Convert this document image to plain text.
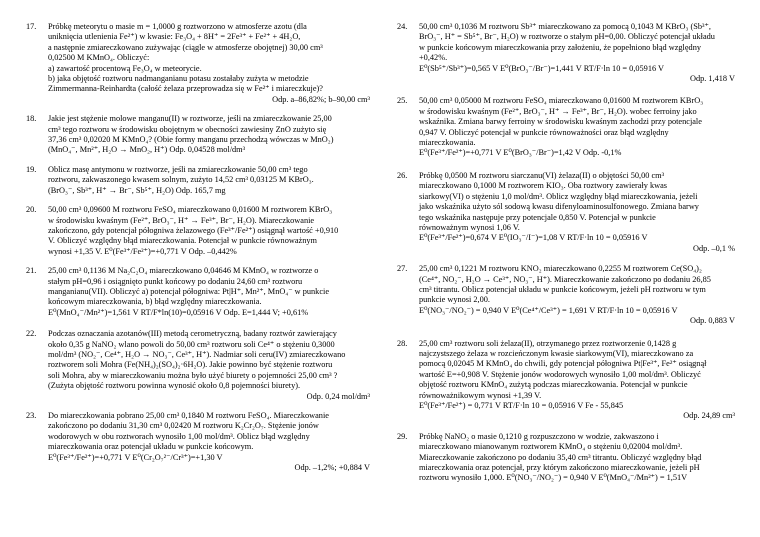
17. Próbkę meteorytu o masie m = 1,0000 g roztworzono w atmosferze azotu (dla
uniknięcia utlenienia Fe²⁺) w kwasie: Fe₃O₄ + 8H⁺ = 2Fe³⁺ + Fe²⁺ + 4H₂O,
a następnie zmiareczkowano zużywając (ciągle w atmosferze obojętnej) 30,00 cm³
0,02500 M KMnO₄. Obliczyć:
a) zawartość procentową Fe₃O₄ w meteorycie.
b) jaka objętość roztworu nadmanganianu potasu zostałaby zużyta w metodzie
Zimmermanna-Reinhardta (całość żelaza przeprowadza się w Fe²⁺ i miareczkuje)?
Odp. a–86,82%; b–90,00 cm³
18. Jakie jest stężenie molowe manganu(II) w roztworze, jeśli na zmiareczkowanie 25,00
cm³ tego roztworu w środowisku obojętnym w obecności zawiesiny ZnO zużyto się
37,36 cm³ 0,02020 M KMnO₄? (Obie formy manganu przechodzą wówczas w MnO₂)
(MnO₄⁻, Mn²⁺, H₂O → MnO₂, H⁺) Odp. 0,04528 mol/dm³
19. Oblicz masę antymonu w roztworze, jeśli na zmiareczkowanie 50,00 cm³ tego
roztworu, zakwaszonego kwasem solnym, zużyto 14,52 cm³ 0,03125 M KBrO₃.
(BrO₃⁻, Sb³⁺, H⁺ → Br⁻, Sb⁵⁺, H₂O) Odp. 165,7 mg
20. 50,00 cm³ 0,09600 M roztworu FeSO₄ miareczkowano 0,01600 M roztworem KBrO₃
w środowisku kwaśnym (Fe²⁺, BrO₃⁻, H⁺ → Fe³⁺, Br⁻, H₂O). Miareczkowanie
zakończono, gdy potencjał półogniwa żelazowego (Fe³⁺/Fe²⁺) osiągnął wartość +0,910
V. Obliczyć względny błąd miareczkowania. Potencjał w punkcie równoważnym
wynosi +1,35 V. E⁰(Fe³⁺/Fe²⁺)=+0,771 V Odp. –0,442%
21. 25,00 cm³ 0,1136 M Na₂C₂O₄ miareczkowano 0,04646 M KMnO₄ w roztworze o
stałym pH=0,96 i osiągnięto punkt końcowy po dodaniu 24,60 cm³ roztworu
manganianu(VII). Obliczyć a) potencjał półogniwa: Pt|H⁺, Mn²⁺, MnO₄⁻ w punkcie
końcowym miareczkowania, b) błąd względny miareczkowania.
E⁰(MnO₄⁻/Mn²⁺)=1,561 V RT/F*ln(10)=0,05916 V Odp. E=1,444 V; +0,61%
22. Podczas oznaczania azotanów(III) metodą cerometryczną, badany roztwór zawierający
około 0,35 g NaNO₂ wlano powoli do 50,00 cm³ roztworu soli Ce⁴⁺ o stężeniu 0,3000
mol/dm³ (NO₂⁻, Ce⁴⁺, H₂O → NO₃⁻, Ce³⁺, H⁺). Nadmiar soli ceru(IV) zmiareczkowano
roztworem soli Mohra (Fe(NH₄)₂(SO₄)₂·6H₂O). Jakie powinno być stężenie roztworu
soli Mohra, aby w miareczkowaniu można było użyć biurety o pojemności 25,00 cm³ ?
(Zużyta objętość roztworu powinna wynosić około 0,8 pojemności biurety).
Odp. 0,24 mol/dm³
23. Do miareczkowania pobrano 25,00 cm³ 0,1840 M roztworu FeSO₄. Miareczkowanie
zakończono po dodaniu 31,30 cm³ 0,02420 M roztworu K₂Cr₂O₇. Stężenie jonów
wodorowych w obu roztworach wynosiło 1,00 mol/dm³. Oblicz błąd względny
miareczkowania oraz potencjał układu w punkcie końcowym.
E⁰(Fe³⁺/Fe²⁺)=+0,771 V E⁰(Cr₂O₇²⁻/Cr³⁺)=+1,30 V
Odp. –1,2%; +0,884 V
24. 50,00 cm³ 0,1036 M roztworu Sb³⁺ miareczkowano za pomocą 0,1043 M KBrO₃ (Sb³⁺,
BrO₃⁻, H⁺ = Sb⁵⁺, Br⁻, H₂O) w roztworze o stałym pH=0,00. Obliczyć potencjał układu
w punkcie końcowym miareczkowania przy założeniu, że popełniono błąd względny
+0,42%.
E⁰(Sb⁵⁺/Sb³⁺)=0,565 V E⁰(BrO₃⁻/Br⁻)=1,441 V RT/F·ln 10 = 0,05916 V
Odp. 1,418 V
25. 50,00 cm³ 0,05000 M roztworu FeSO₄ miareczkowano 0,01600 M roztworem KBrO₃
w środowisku kwaśnym (Fe²⁺, BrO₃⁻, H⁺ → Fe³⁺, Br⁻, H₂O). wobec ferroiny jako
wskaźnika. Zmiana barwy ferroiny w środowisku kwaśnym zachodzi przy potencjale
0,947 V. Obliczyć potencjał w punkcie równoważności oraz błąd względny
miareczkowania.
E⁰(Fe³⁺/Fe²⁺)=+0,771 V E⁰(BrO₃⁻/Br⁻)=1,42 V Odp. -0,1%
26. Próbkę 0,0500 M roztworu siarczanu(VI) żelaza(II) o objętości 50,00 cm³
miareczkowano 0,1000 M roztworem KIO₃. Oba roztwory zawierały kwas
siarkowy(VI) o stężeniu 1,0 mol/dm³. Oblicz względny błąd miareczkowania, jeżeli
jako wskaźnika użyto sól sodową kwasu difenyloaminosulfonowego. Zmiana barwy
tego wskaźnika następuje przy potencjale 0,850 V. Potencjał w punkcie
równoważnym wynosi 1,06 V.
E⁰(Fe³⁺/Fe²⁺)=0,674 V E⁰(IO₃⁻/I⁻)=1,08 V RT/F·ln 10 = 0,05916 V
Odp. –0,1 %
27. 25,00 cm³ 0,1221 M roztworu KNO₂ miareczkowano 0,2255 M roztworem Ce(SO₄)₂
(Ce⁴⁺, NO₂⁻, H₂O → Ce³⁺, NO₃⁻, H⁺). Miareczkowanie zakończono po dodaniu 26,85
cm³ titrantu. Oblicz potencjał układu w punkcie końcowym, jeżeli pH roztworu w tym
punkcie wynosi 2,00.
E⁰(NO₃⁻/NO₂⁻) = 0,940 V E⁰(Ce⁴⁺/Ce³⁺) = 1,691 V RT/F·ln 10 = 0,05916 V
Odp. 0,883 V
28. 25,00 cm³ roztworu soli żelaza(II), otrzymanego przez roztworzenie 0,1428 g
najczystszego żelaza w rozcieńczonym kwasie siarkowym(VI), miareczkowano za
pomocą 0,02045 M KMnO₄ do chwili, gdy potencjał półogniwa Pt|Fe³⁺, Fe²⁺ osiągnął
wartość E=+0,908 V. Stężenie jonów wodorowych wynosiło 1,00 mol/dm³. Obliczyć
objętość roztworu KMnO₄ zużytą podczas miareczkowania. Potencjał w punkcie
równoważnikowym wynosi +1,39 V.
E⁰(Fe³⁺/Fe²⁺) = 0,771 V RT/F·ln 10 = 0,05916 V Fe - 55,845
Odp. 24,89 cm³
29. Próbkę NaNO₂ o masie 0,1210 g rozpuszczono w wodzie, zakwaszono i
miareczkowano mianowanym roztworem KMnO₄ o stężeniu 0,02004 mol/dm³.
Miareczkowanie zakończono po dodaniu 35,40 cm³ titrantu. Obliczyć względny błąd
miareczkowania oraz potencjał, przy którym zakończono miareczkowanie, jeżeli pH
roztworu wynosiło 1,000. E⁰(NO₃⁻/NO₂⁻) = 0,940 V E⁰(MnO₄⁻/Mn²⁺) = 1,51V
